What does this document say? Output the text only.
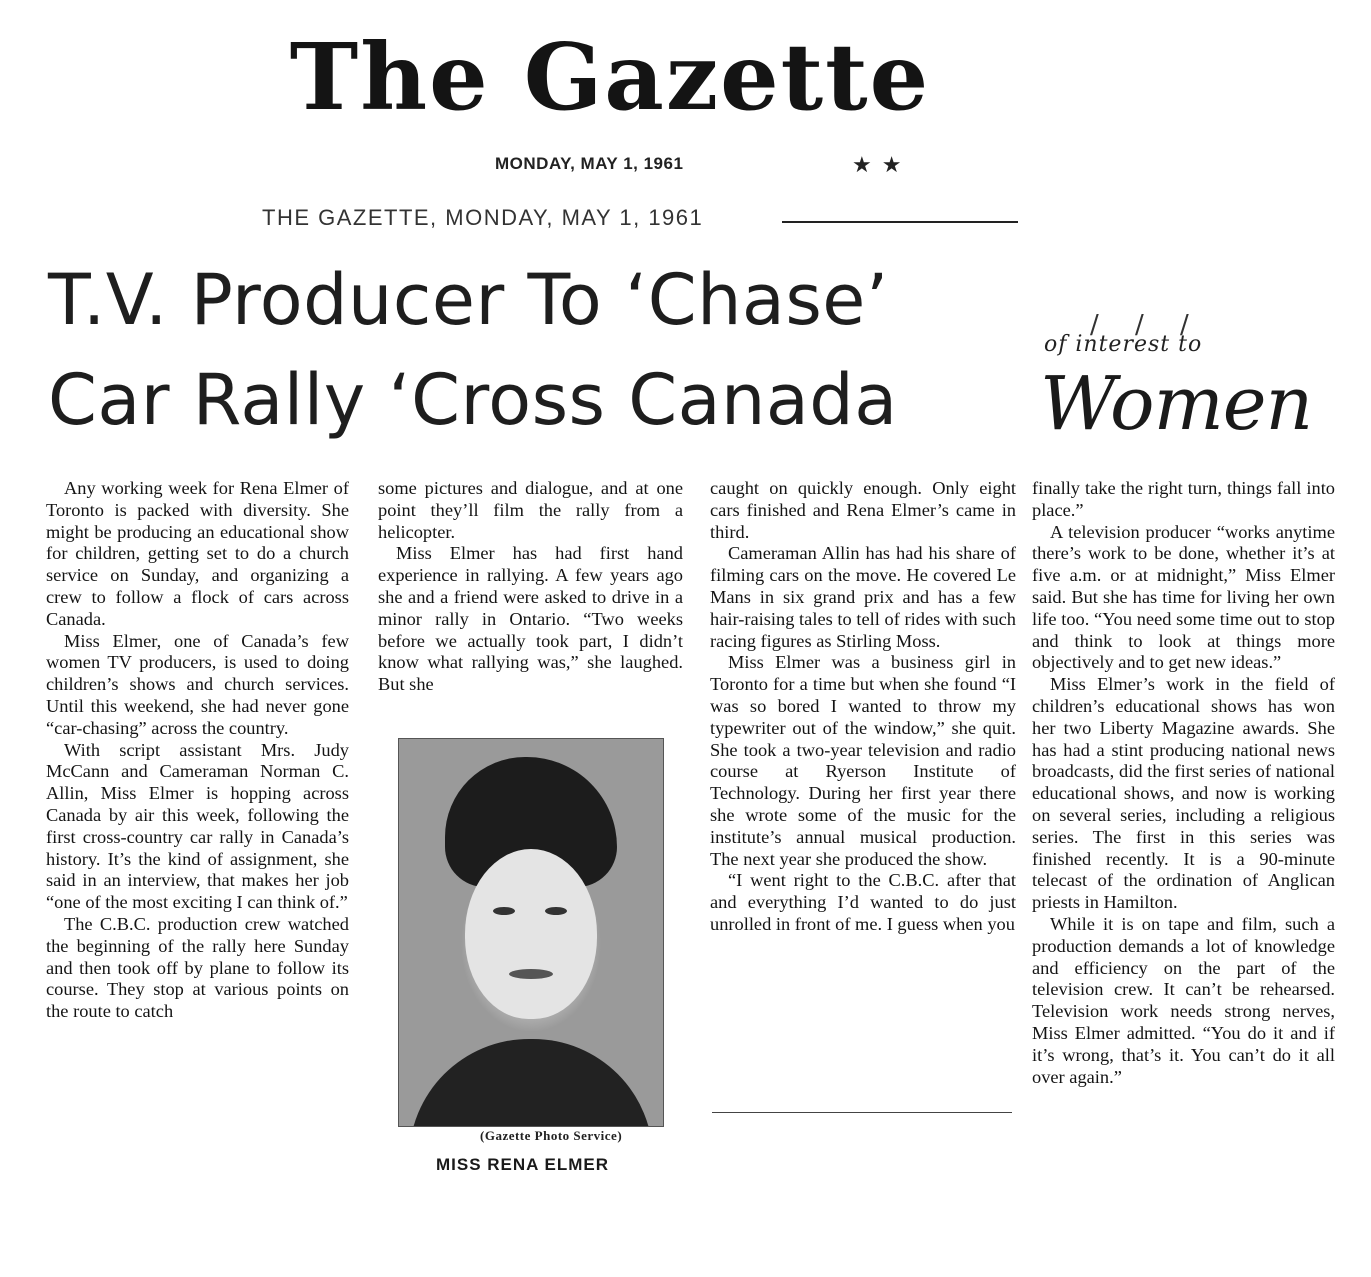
The Gazette
MONDAY, MAY 1, 1961	★★
THE GAZETTE, MONDAY, MAY 1, 1961
T.V. Producer To ‘Chase’
Car Rally ‘Cross Canada
/ / /
of interest to
Women

Any working week for Rena Elmer of Toronto is packed with diversity. She might be producing an educational show for children, getting set to do a church service on Sunday, and organizing a crew to follow a flock of cars across Canada.

Miss Elmer, one of Canada’s few women TV producers, is used to doing children’s shows and church services. Until this weekend, she had never gone “car-chasing” across the country.

With script assistant Mrs. Judy McCann and Cameraman Norman C. Allin, Miss Elmer is hopping across Canada by air this week, following the first cross-country car rally in Canada’s history. It’s the kind of assignment, she said in an interview, that makes her job “one of the most exciting I can think of.”

The C.B.C. production crew watched the beginning of the rally here Sunday and then took off by plane to follow its course. They stop at various points on the route to catch

some pictures and dialogue, and at one point they’ll film the rally from a helicopter.

Miss Elmer has had first hand experience in rallying. A few years ago she and a friend were asked to drive in a minor rally in Ontario. “Two weeks before we actually took part, I didn’t know what rallying was,” she laughed. But she

(Gazette Photo Service)
MISS RENA ELMER

caught on quickly enough. Only eight cars finished and Rena Elmer’s came in third.

Cameraman Allin has had his share of filming cars on the move. He covered Le Mans in six grand prix and has a few hair-raising tales to tell of rides with such racing figures as Stirling Moss.

Miss Elmer was a business girl in Toronto for a time but when she found “I was so bored I wanted to throw my typewriter out of the window,” she quit. She took a two-year television and radio course at Ryerson Institute of Technology. During her first year there she wrote some of the music for the institute’s annual musical production. The next year she produced the show.

“I went right to the C.B.C. after that and everything I’d wanted to do just unrolled in front of me. I guess when you

finally take the right turn, things fall into place.”

A television producer “works anytime there’s work to be done, whether it’s at five a.m. or at midnight,” Miss Elmer said. But she has time for living her own life too. “You need some time out to stop and think to look at things more objectively and to get new ideas.”

Miss Elmer’s work in the field of children’s educational shows has won her two Liberty Magazine awards. She has had a stint producing national news broadcasts, did the first series of national educational shows, and now is working on several series, including a religious series. The first in this series was finished recently. It is a 90-minute telecast of the ordination of Anglican priests in Hamilton.

While it is on tape and film, such a production demands a lot of knowledge and efficiency on the part of the television crew. It can’t be rehearsed. Television work needs strong nerves, Miss Elmer admitted. “You do it and if it’s wrong, that’s it. You can’t do it all over again.”
